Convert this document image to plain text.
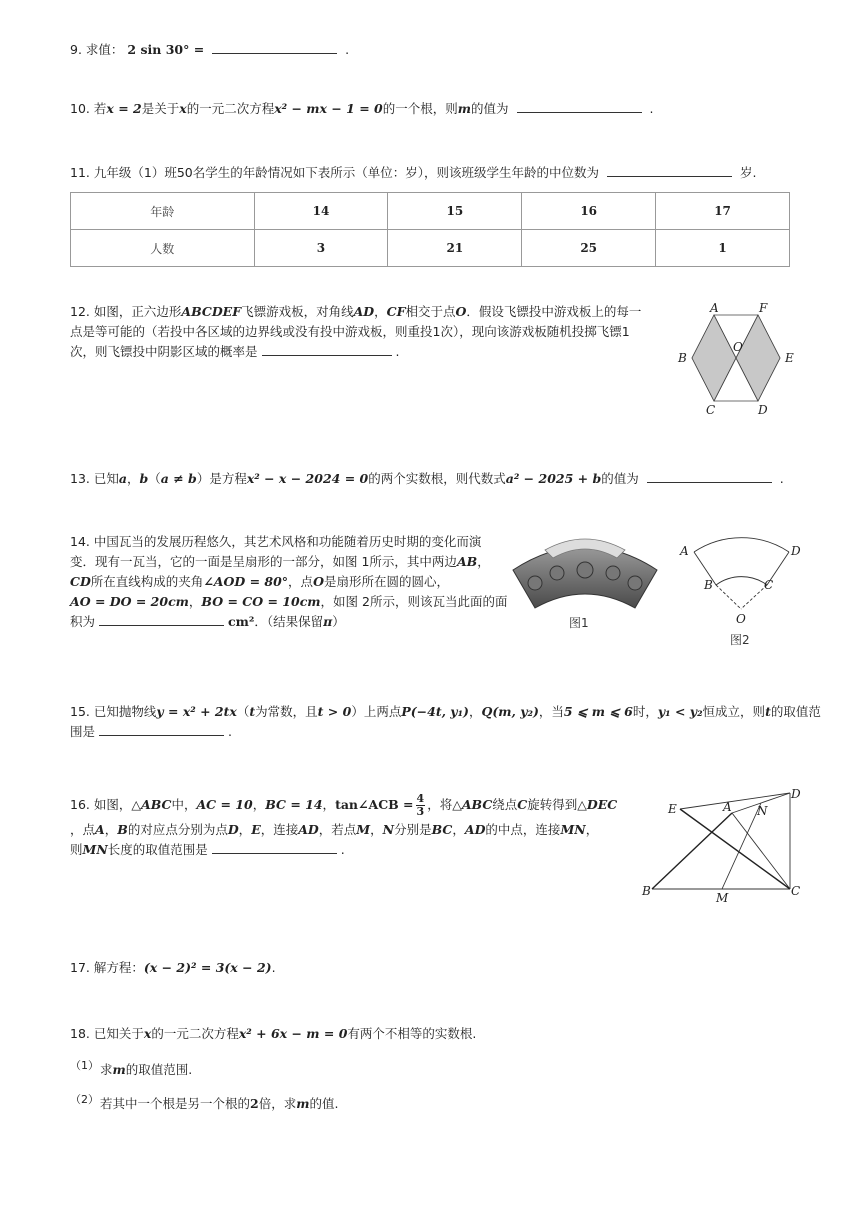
9. 求值： 2 sin 30° =	.
10. 若x = 2是关于x的一元二次方程x² − mx − 1 = 0的一个根，则m的值为	.
11. 九年级（1）班50名学生的年龄情况如下表所示（单位：岁），则该班级学生年龄的中位数为	岁.
年龄	14	15	16	17
人数	3	21	25	1
12. 如图，正六边形ABCDEF飞镖游戏板，对角线AD，CF相交于点O．假设飞镖投中游戏板上的每一
点是等可能的（若投中各区域的边界线或没有投中游戏板，则重投1次），现向该游戏板随机投掷飞镖1
次，则飞镖投中阴影区域的概率是	.
A	F
B
O
E
C	D
13. 已知a，b（a ≠ b）是方程x² − x − 2024 = 0的两个实数根，则代数式a² − 2025 + b的值为	.
14. 中国瓦当的发展历程悠久，其艺术风格和功能随着历史时期的变化而演
变．现有一瓦当，它的一面是呈扇形的一部分，如图 1所示，其中两边AB，
CD所在直线构成的夹角∠AOD = 80°，点O是扇形所在圆的圆心，
AO = DO = 20cm，BO = CO = 10cm，如图 2所示，则该瓦当此面的面
积为	cm²．（结果保留π）	图1
A	D
B	C
O
图2
15. 已知抛物线y = x² + 2tx（t为常数，且t > 0）上两点P(−4t, y₁)，Q(m, y₂)，当5 ⩽ m ⩽ 6时，y₁ < y₂恒成立，则t的取值范
围是	.
16. 如图，△ABC中，AC = 10，BC = 14，tan∠ACB = $\frac{4}{3}$ ，将△ABC绕点C旋转得到△DEC
，点A，B的对应点分别为点D，E，连接AD，若点M，N分别是BC，AD的中点，连接MN，
则MN长度的取值范围是	.
E	A N
D
B	M	C
17. 解方程：(x − 2)² = 3(x − 2).
18. 已知关于x的一元二次方程x² + 6x − m = 0有两个不相等的实数根.
（1）求m的取值范围.
（2）若其中一个根是另一个根的2倍，求m的值.
